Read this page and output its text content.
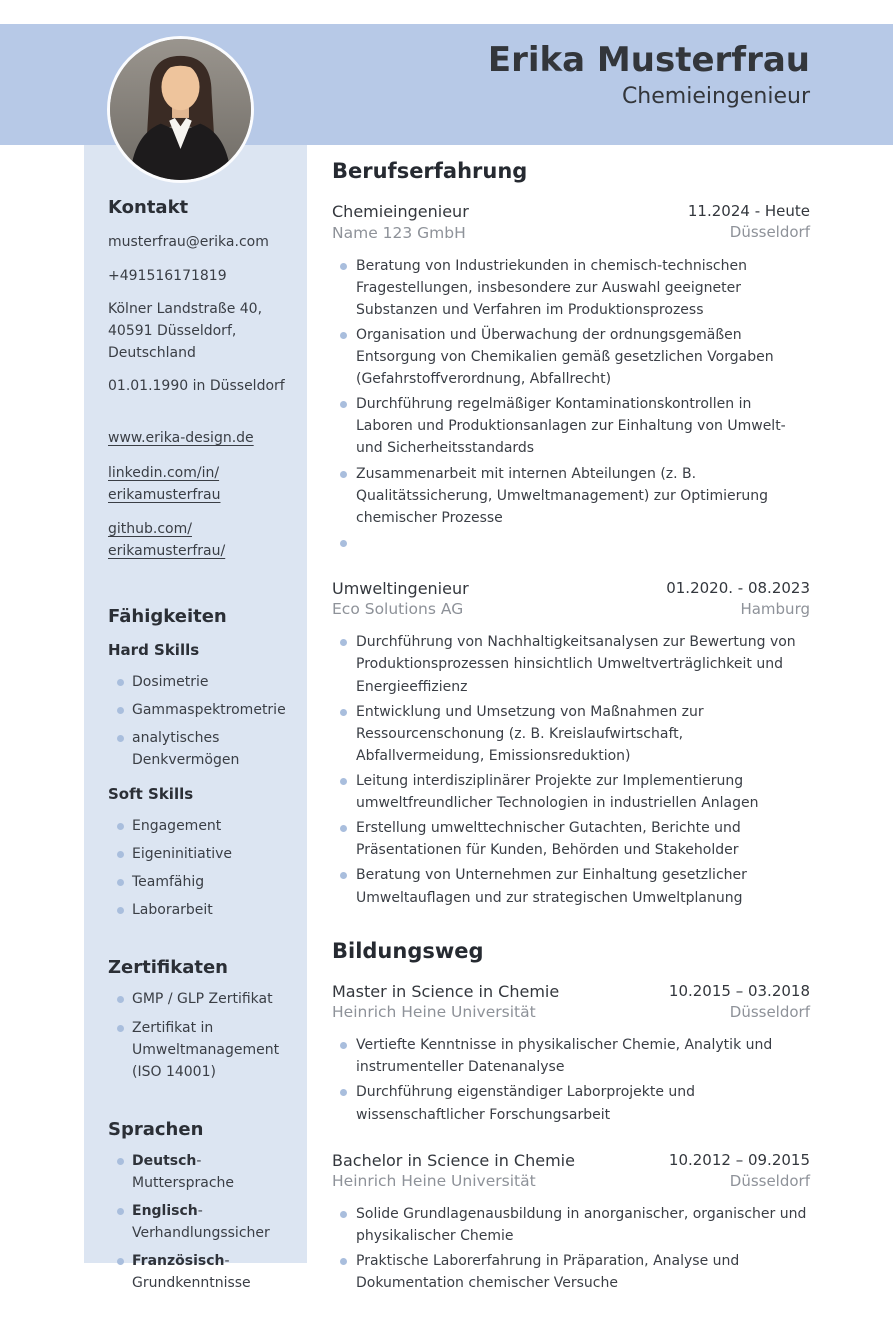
Erika Musterfrau
Chemieingenieur
Kontakt
musterfrau@erika.com
+491516171819
Kölner Landstraße 40,
40591 Düsseldorf,
Deutschland
01.01.1990 in Düsseldorf
www.erika-design.de
linkedin.com/in/
erikamusterfrau
github.com/
erikamusterfrau/
Fähigkeiten
Hard Skills
Dosimetrie
Gammaspektrometrie
analytisches Denkvermögen
Soft Skills
Engagement
Eigeninitiative
Teamfähig
Laborarbeit
Zertifikaten
GMP / GLP Zertifikat
Zertifikat in Umweltmanagement (ISO 14001)
Sprachen
Deutsch-
Muttersprache
Englisch-
Verhandlungssicher
Französisch-
Grundkenntnisse
Berufserfahrung
Chemieingenieur
Name 123 GmbH
11.2024 - Heute
Düsseldorf
Beratung von Industriekunden in chemisch-technischen Fragestellungen, insbesondere zur Auswahl geeigneter Substanzen und Verfahren im Produktionsprozess
Organisation und Überwachung der ordnungsgemäßen Entsorgung von Chemikalien gemäß gesetzlichen Vorgaben (Gefahrstoffverordnung, Abfallrecht)
Durchführung regelmäßiger Kontaminationskontrollen in Laboren und Produktionsanlagen zur Einhaltung von Umwelt- und Sicherheitsstandards
Zusammenarbeit mit internen Abteilungen (z. B. Qualitätssicherung, Umweltmanagement) zur Optimierung chemischer Prozesse
Umweltingenieur
Eco Solutions AG
01.2020. - 08.2023
Hamburg
Durchführung von Nachhaltigkeitsanalysen zur Bewertung von Produktionsprozessen hinsichtlich Umweltverträglichkeit und Energieeffizienz
Entwicklung und Umsetzung von Maßnahmen zur Ressourcenschonung (z. B. Kreislaufwirtschaft, Abfallvermeidung, Emissionsreduktion)
Leitung interdisziplinärer Projekte zur Implementierung umweltfreundlicher Technologien in industriellen Anlagen
Erstellung umwelttechnischer Gutachten, Berichte und Präsentationen für Kunden, Behörden und Stakeholder
Beratung von Unternehmen zur Einhaltung gesetzlicher Umweltauflagen und zur strategischen Umweltplanung
Bildungsweg
Master in Science in Chemie
Heinrich Heine Universität
10.2015 – 03.2018
Düsseldorf
Vertiefte Kenntnisse in physikalischer Chemie, Analytik und instrumenteller Datenanalyse
Durchführung eigenständiger Laborprojekte und wissenschaftlicher Forschungsarbeit
Bachelor in Science in Chemie
Heinrich Heine Universität
10.2012 – 09.2015
Düsseldorf
Solide Grundlagenausbildung in anorganischer, organischer und physikalischer Chemie
Praktische Laborerfahrung in Präparation, Analyse und Dokumentation chemischer Versuche
